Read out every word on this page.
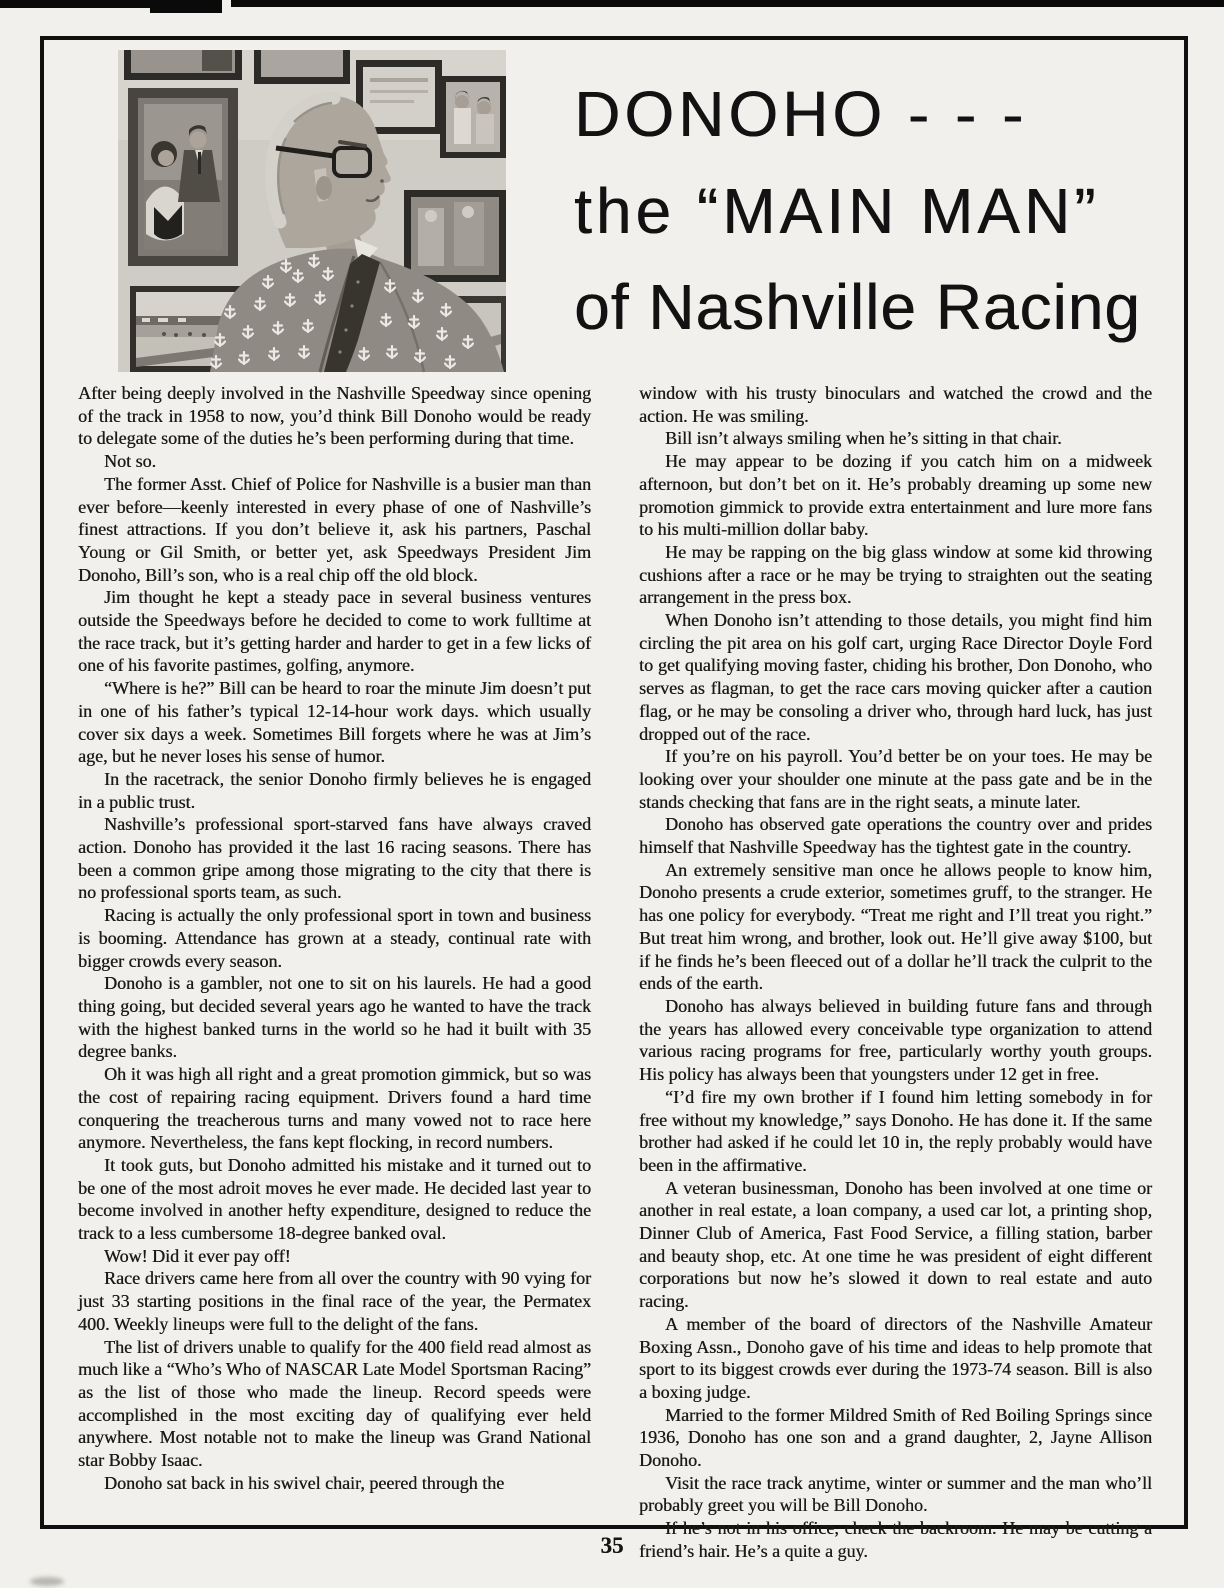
DONOHO - - -
the “MAIN MAN”
of Nashville Racing

After being deeply involved in the Nashville Speedway since opening of the track in 1958 to now, you’d think Bill Donoho would be ready to delegate some of the duties he’s been performing during that time.

Not so.

The former Asst. Chief of Police for Nashville is a busier man than ever before—keenly interested in every phase of one of Nashville’s finest attractions. If you don’t believe it, ask his partners, Paschal Young or Gil Smith, or better yet, ask Speedways President Jim Donoho, Bill’s son, who is a real chip off the old block.

Jim thought he kept a steady pace in several business ventures outside the Speedways before he decided to come to work fulltime at the race track, but it’s getting harder and harder to get in a few licks of one of his favorite pastimes, golfing, anymore.

“Where is he?” Bill can be heard to roar the minute Jim doesn’t put in one of his father’s typical 12-14-hour work days. which usually cover six days a week. Sometimes Bill forgets where he was at Jim’s age, but he never loses his sense of humor.

In the racetrack, the senior Donoho firmly believes he is engaged in a public trust.

Nashville’s professional sport-starved fans have always craved action. Donoho has provided it the last 16 racing seasons. There has been a common gripe among those migrating to the city that there is no professional sports team, as such.

Racing is actually the only professional sport in town and business is booming. Attendance has grown at a steady, continual rate with bigger crowds every season.

Donoho is a gambler, not one to sit on his laurels. He had a good thing going, but decided several years ago he wanted to have the track with the highest banked turns in the world so he had it built with 35 degree banks.

Oh it was high all right and a great promotion gimmick, but so was the cost of repairing racing equipment. Drivers found a hard time conquering the treacherous turns and many vowed not to race here anymore. Nevertheless, the fans kept flocking, in record numbers.

It took guts, but Donoho admitted his mistake and it turned out to be one of the most adroit moves he ever made. He decided last year to become involved in another hefty expenditure, designed to reduce the track to a less cumbersome 18-degree banked oval.

Wow! Did it ever pay off!

Race drivers came here from all over the country with 90 vying for just 33 starting positions in the final race of the year, the Permatex 400. Weekly lineups were full to the delight of the fans.

The list of drivers unable to qualify for the 400 field read almost as much like a “Who’s Who of NASCAR Late Model Sportsman Racing” as the list of those who made the lineup. Record speeds were accomplished in the most exciting day of qualifying ever held anywhere. Most notable not to make the lineup was Grand National star Bobby Isaac.

Donoho sat back in his swivel chair, peered through the

window with his trusty binoculars and watched the crowd and the action. He was smiling.

Bill isn’t always smiling when he’s sitting in that chair.

He may appear to be dozing if you catch him on a midweek afternoon, but don’t bet on it. He’s probably dreaming up some new promotion gimmick to provide extra entertainment and lure more fans to his multi-million dollar baby.

He may be rapping on the big glass window at some kid throwing cushions after a race or he may be trying to straighten out the seating arrangement in the press box.

When Donoho isn’t attending to those details, you might find him circling the pit area on his golf cart, urging Race Director Doyle Ford to get qualifying moving faster, chiding his brother, Don Donoho, who serves as flagman, to get the race cars moving quicker after a caution flag, or he may be consoling a driver who, through hard luck, has just dropped out of the race.

If you’re on his payroll. You’d better be on your toes. He may be looking over your shoulder one minute at the pass gate and be in the stands checking that fans are in the right seats, a minute later.

Donoho has observed gate operations the country over and prides himself that Nashville Speedway has the tightest gate in the country.

An extremely sensitive man once he allows people to know him, Donoho presents a crude exterior, sometimes gruff, to the stranger. He has one policy for everybody. “Treat me right and I’ll treat you right.” But treat him wrong, and brother, look out. He’ll give away $100, but if he finds he’s been fleeced out of a dollar he’ll track the culprit to the ends of the earth.

Donoho has always believed in building future fans and through the years has allowed every conceivable type organization to attend various racing programs for free, particularly worthy youth groups. His policy has always been that youngsters under 12 get in free.

“I’d fire my own brother if I found him letting somebody in for free without my knowledge,” says Donoho. He has done it. If the same brother had asked if he could let 10 in, the reply probably would have been in the affirmative.

A veteran businessman, Donoho has been involved at one time or another in real estate, a loan company, a used car lot, a printing shop, Dinner Club of America, Fast Food Service, a filling station, barber and beauty shop, etc. At one time he was president of eight different corporations but now he’s slowed it down to real estate and auto racing.

A member of the board of directors of the Nashville Amateur Boxing Assn., Donoho gave of his time and ideas to help promote that sport to its biggest crowds ever during the 1973-74 season. Bill is also a boxing judge.

Married to the former Mildred Smith of Red Boiling Springs since 1936, Donoho has one son and a grand daughter, 2, Jayne Allison Donoho.

Visit the race track anytime, winter or summer and the man who’ll probably greet you will be Bill Donoho.

If he’s not in his office, check the backroom. He may be cutting a friend’s hair. He’s a quite a guy.

35
